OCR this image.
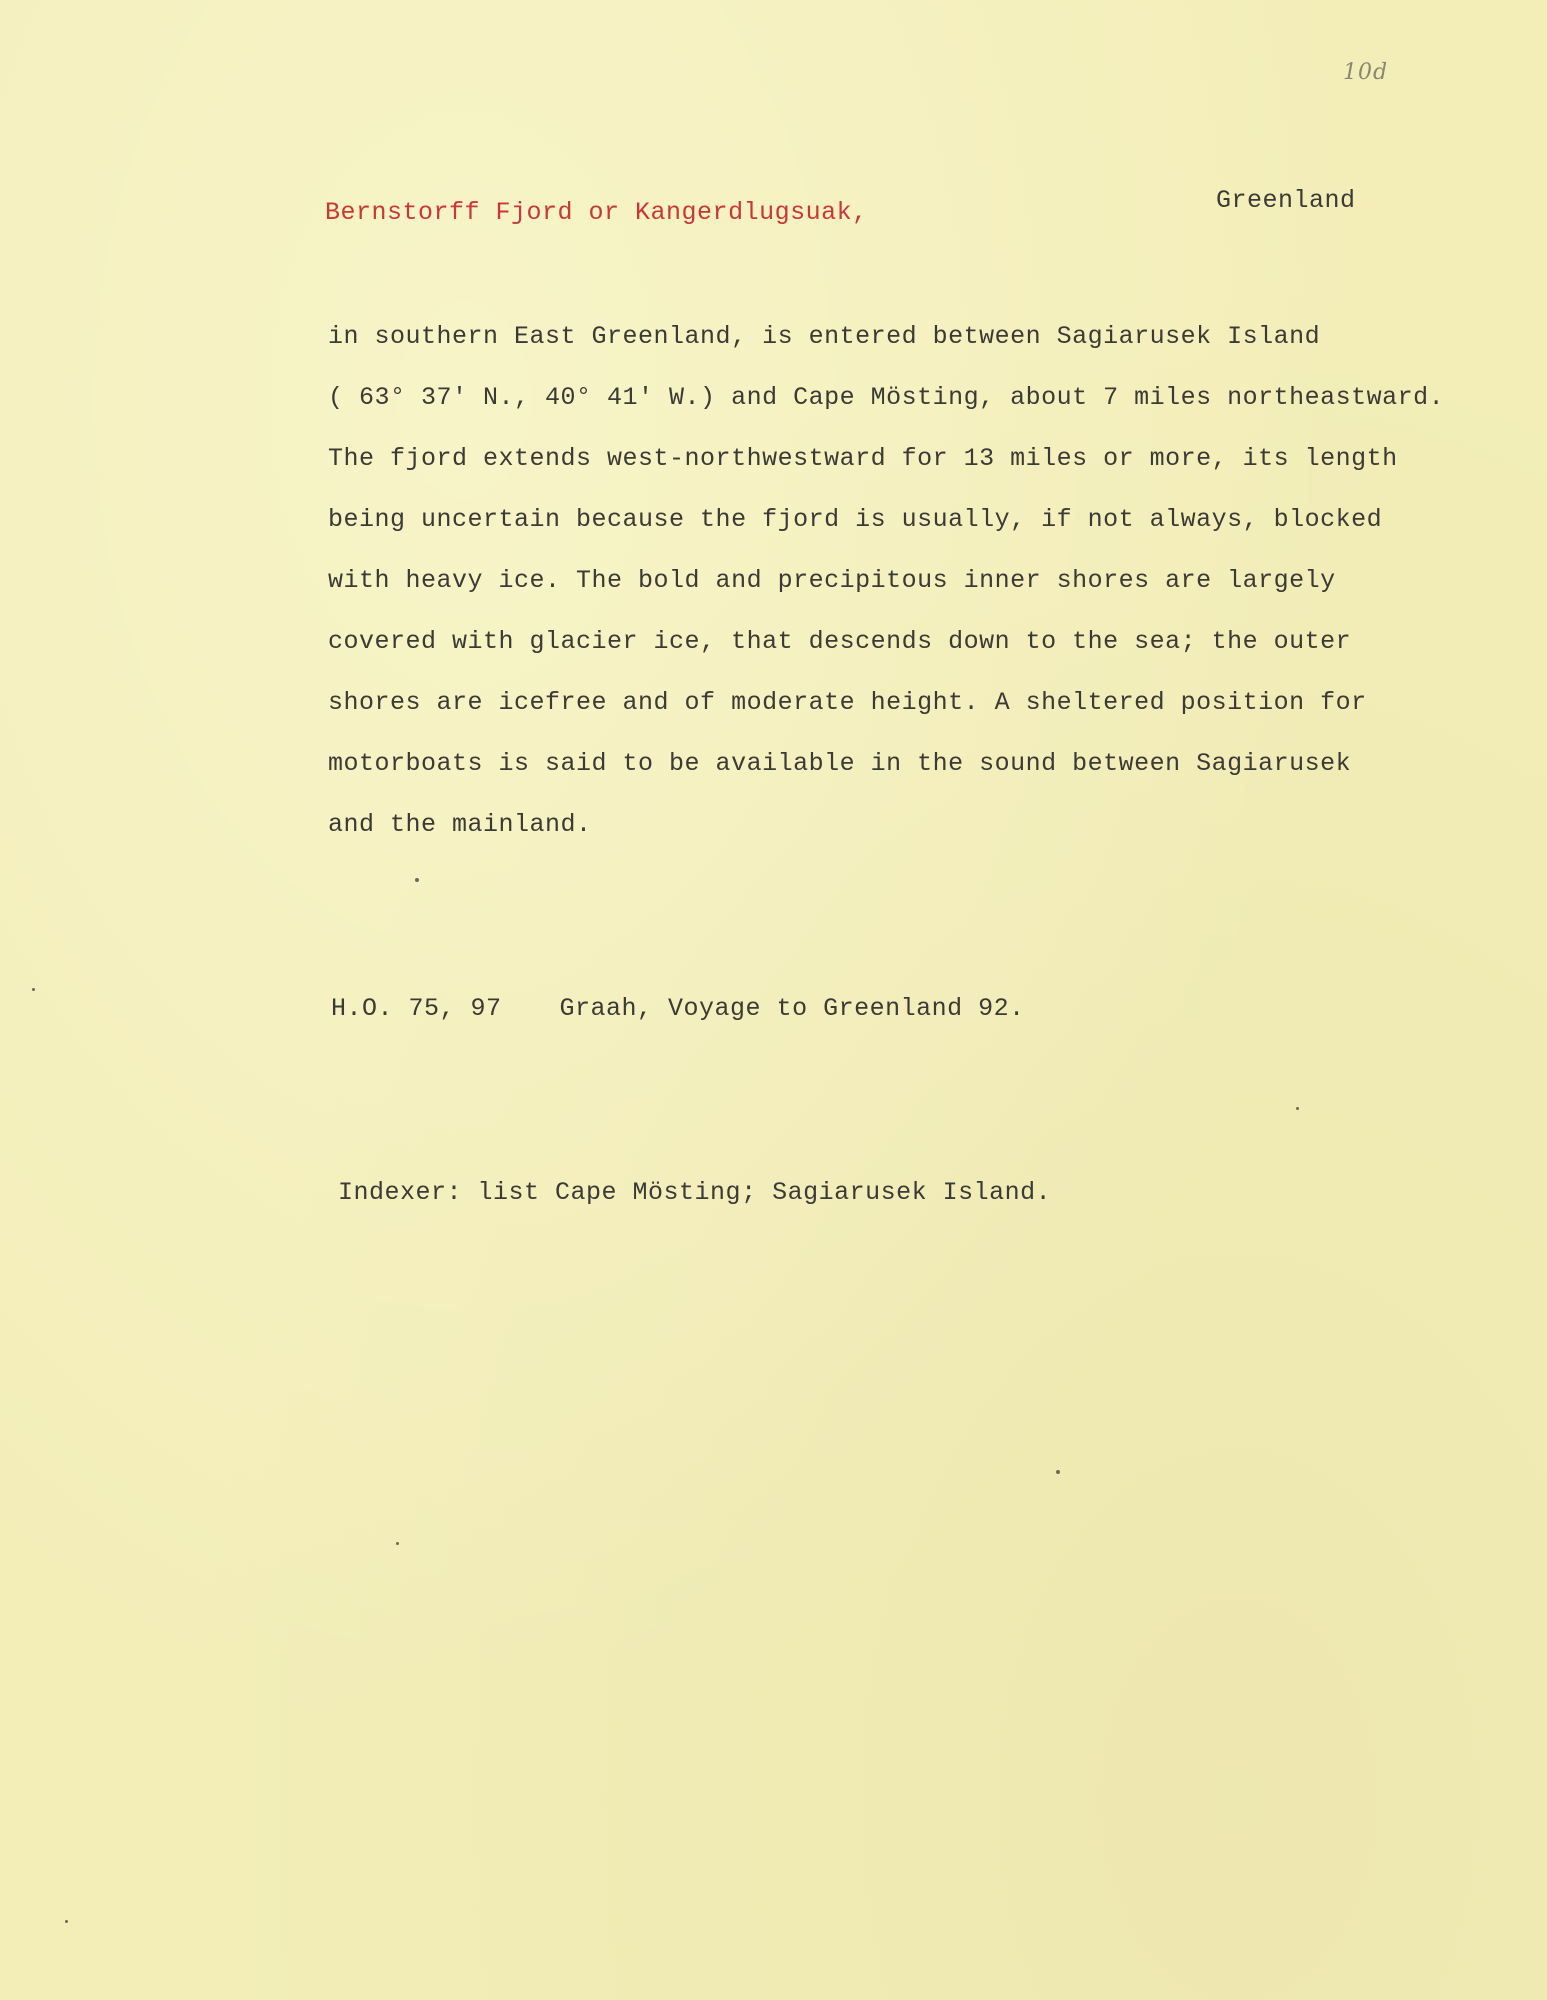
10d
Bernstorff Fjord or Kangerdlugsuak,	Greenland
in southern East Greenland, is entered between Sagiarusek Island
( 63° 37' N., 40° 41' W.) and Cape Mösting, about 7 miles northeastward.
The fjord extends west-northwestward for 13 miles or more, its length
being uncertain because the fjord is usually, if not always, blocked
with heavy ice. The bold and precipitous inner shores are largely
covered with glacier ice, that descends down to the sea; the outer
shores are icefree and of moderate height. A sheltered position for
motorboats is said to be available in the sound between Sagiarusek
and the mainland.
H.O. 75, 97 Graah, Voyage to Greenland 92.
Indexer: list Cape Mösting; Sagiarusek Island.
